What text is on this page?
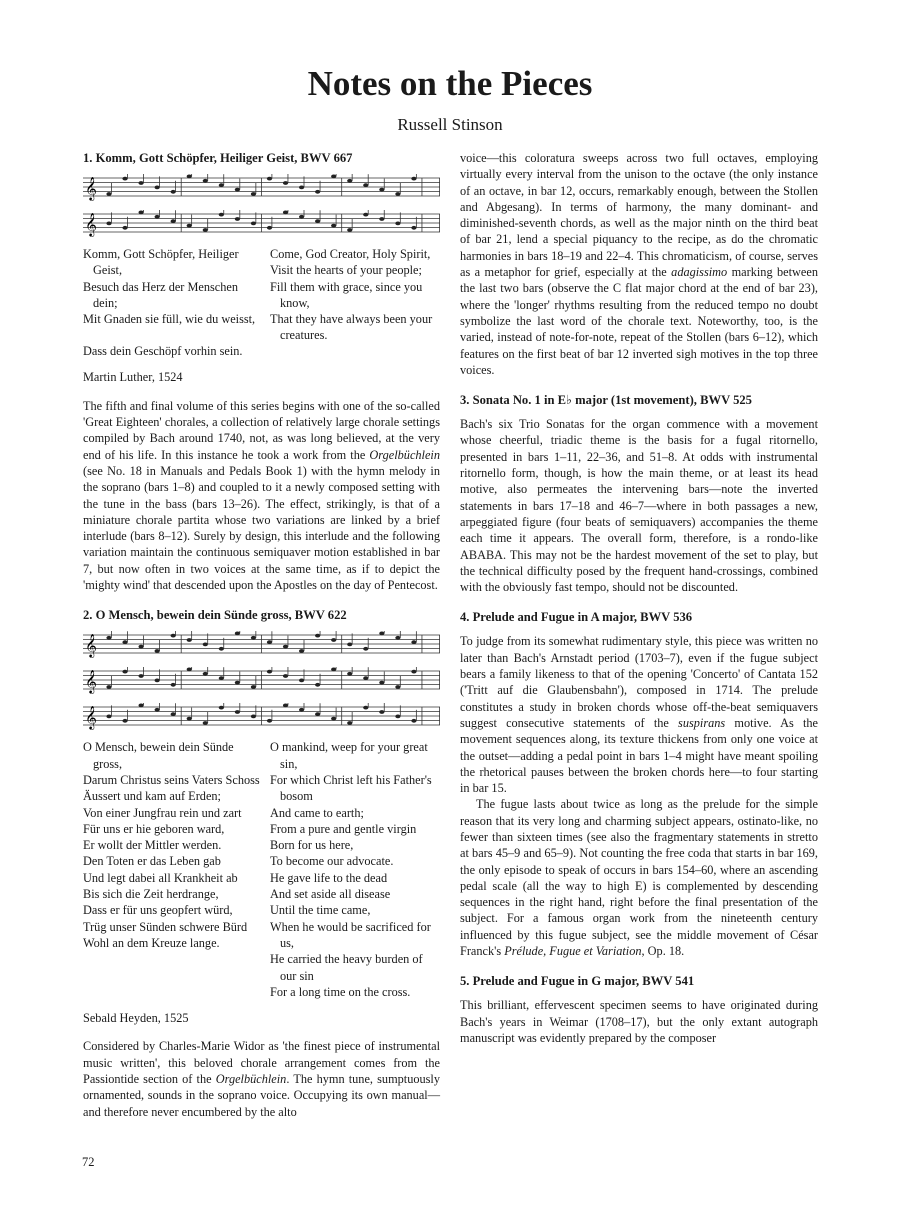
Notes on the Pieces
Russell Stinson
1. Komm, Gott Schöpfer, Heiliger Geist, BWV 667
𝄞
𝄞
Komm, Gott Schöpfer, Heiliger Geist,
Besuch das Herz der Menschen dein;
Mit Gnaden sie füll, wie du weisst,
Dass dein Geschöpf vorhin sein.
Come, God Creator, Holy Spirit,
Visit the hearts of your people;
Fill them with grace, since you know,
That they have always been your creatures.
Martin Luther, 1524

The fifth and final volume of this series begins with one of the so-called 'Great Eighteen' chorales, a collection of relatively large chorale settings compiled by Bach around 1740, not, as was long believed, at the very end of his life. In this instance he took a work from the Orgelbüchlein (see No. 18 in Manuals and Pedals Book 1) with the hymn melody in the soprano (bars 1–8) and coupled to it a newly composed setting with the tune in the bass (bars 13–26). The effect, strikingly, is that of a miniature chorale partita whose two variations are linked by a brief interlude (bars 8–12). Surely by design, this interlude and the following variation maintain the continuous semiquaver motion established in bar 7, but now often in two voices at the same time, as if to depict the 'mighty wind' that descended upon the Apostles on the day of Pentecost.

2. O Mensch, bewein dein Sünde gross, BWV 622
𝄞
𝄞
𝄞
O Mensch, bewein dein Sünde gross,
Darum Christus seins Vaters Schoss
Äussert und kam auf Erden;
Von einer Jungfrau rein und zart
Für uns er hie geboren ward,
Er wollt der Mittler werden.
Den Toten er das Leben gab
Und legt dabei all Krankheit ab
Bis sich die Zeit herdrange,
Dass er für uns geopfert würd,
Trüg unser Sünden schwere Bürd
Wohl an dem Kreuze lange.
O mankind, weep for your great sin,
For which Christ left his Father's bosom
And came to earth;
From a pure and gentle virgin
Born for us here,
To become our advocate.
He gave life to the dead
And set aside all disease
Until the time came,
When he would be sacrificed for us,
He carried the heavy burden of our sin
For a long time on the cross.
Sebald Heyden, 1525

Considered by Charles-Marie Widor as 'the finest piece of instrumental music written', this beloved chorale arrangement comes from the Passiontide section of the Orgelbüchlein. The hymn tune, sumptuously ornamented, sounds in the soprano voice. Occupying its own manual—and therefore never encumbered by the alto

voice—this coloratura sweeps across two full octaves, employing virtually every interval from the unison to the octave (the only instance of an octave, in bar 12, occurs, remarkably enough, between the Stollen and Abgesang). In terms of harmony, the many dominant- and diminished-seventh chords, as well as the major ninth on the third beat of bar 21, lend a special piquancy to the recipe, as do the chromatic harmonies in bars 18–19 and 22–4. This chromaticism, of course, serves as a metaphor for grief, especially at the adagissimo marking between the last two bars (observe the C flat major chord at the end of bar 23), where the 'longer' rhythms resulting from the reduced tempo no doubt symbolize the last word of the chorale text. Noteworthy, too, is the varied, instead of note-for-note, repeat of the Stollen (bars 6–12), which features on the first beat of bar 12 inverted sigh motives in the top three voices.

3. Sonata No. 1 in E♭ major (1st movement), BWV 525

Bach's six Trio Sonatas for the organ commence with a movement whose cheerful, triadic theme is the basis for a fugal ritornello, presented in bars 1–11, 22–36, and 51–8. At odds with instrumental ritornello form, though, is how the main theme, or at least its head motive, also permeates the intervening bars—note the inverted statements in bars 17–18 and 46–7—where in both passages a new, arpeggiated figure (four beats of semiquavers) accompanies the theme each time it appears. The overall form, therefore, is a rondo-like ABABA. This may not be the hardest movement of the set to play, but the technical difficulty posed by the frequent hand-crossings, combined with the obviously fast tempo, should not be discounted.

4. Prelude and Fugue in A major, BWV 536

To judge from its somewhat rudimentary style, this piece was written no later than Bach's Arnstadt period (1703–7), even if the fugue subject bears a family likeness to that of the opening 'Concerto' of Cantata 152 ('Tritt auf die Glaubensbahn'), composed in 1714. The prelude constitutes a study in broken chords whose off-the-beat semiquavers suggest consecutive statements of the suspirans motive. As the movement sequences along, its texture thickens from only one voice at the outset—adding a pedal point in bars 1–4 might have meant spoiling the rhetorical pauses between the broken chords here—to four starting in bar 15.

The fugue lasts about twice as long as the prelude for the simple reason that its very long and charming subject appears, ostinato-like, no fewer than sixteen times (see also the fragmentary statements in stretto at bars 45–9 and 65–9). Not counting the free coda that starts in bar 169, the only episode to speak of occurs in bars 154–60, where an ascending pedal scale (all the way to high E) is complemented by descending sequences in the right hand, right before the final presentation of the subject. For a famous organ work from the nineteenth century influenced by this fugue subject, see the middle movement of César Franck's Prélude, Fugue et Variation, Op. 18.

5. Prelude and Fugue in G major, BWV 541

This brilliant, effervescent specimen seems to have originated during Bach's years in Weimar (1708–17), but the only extant autograph manuscript was evidently prepared by the composer

72
